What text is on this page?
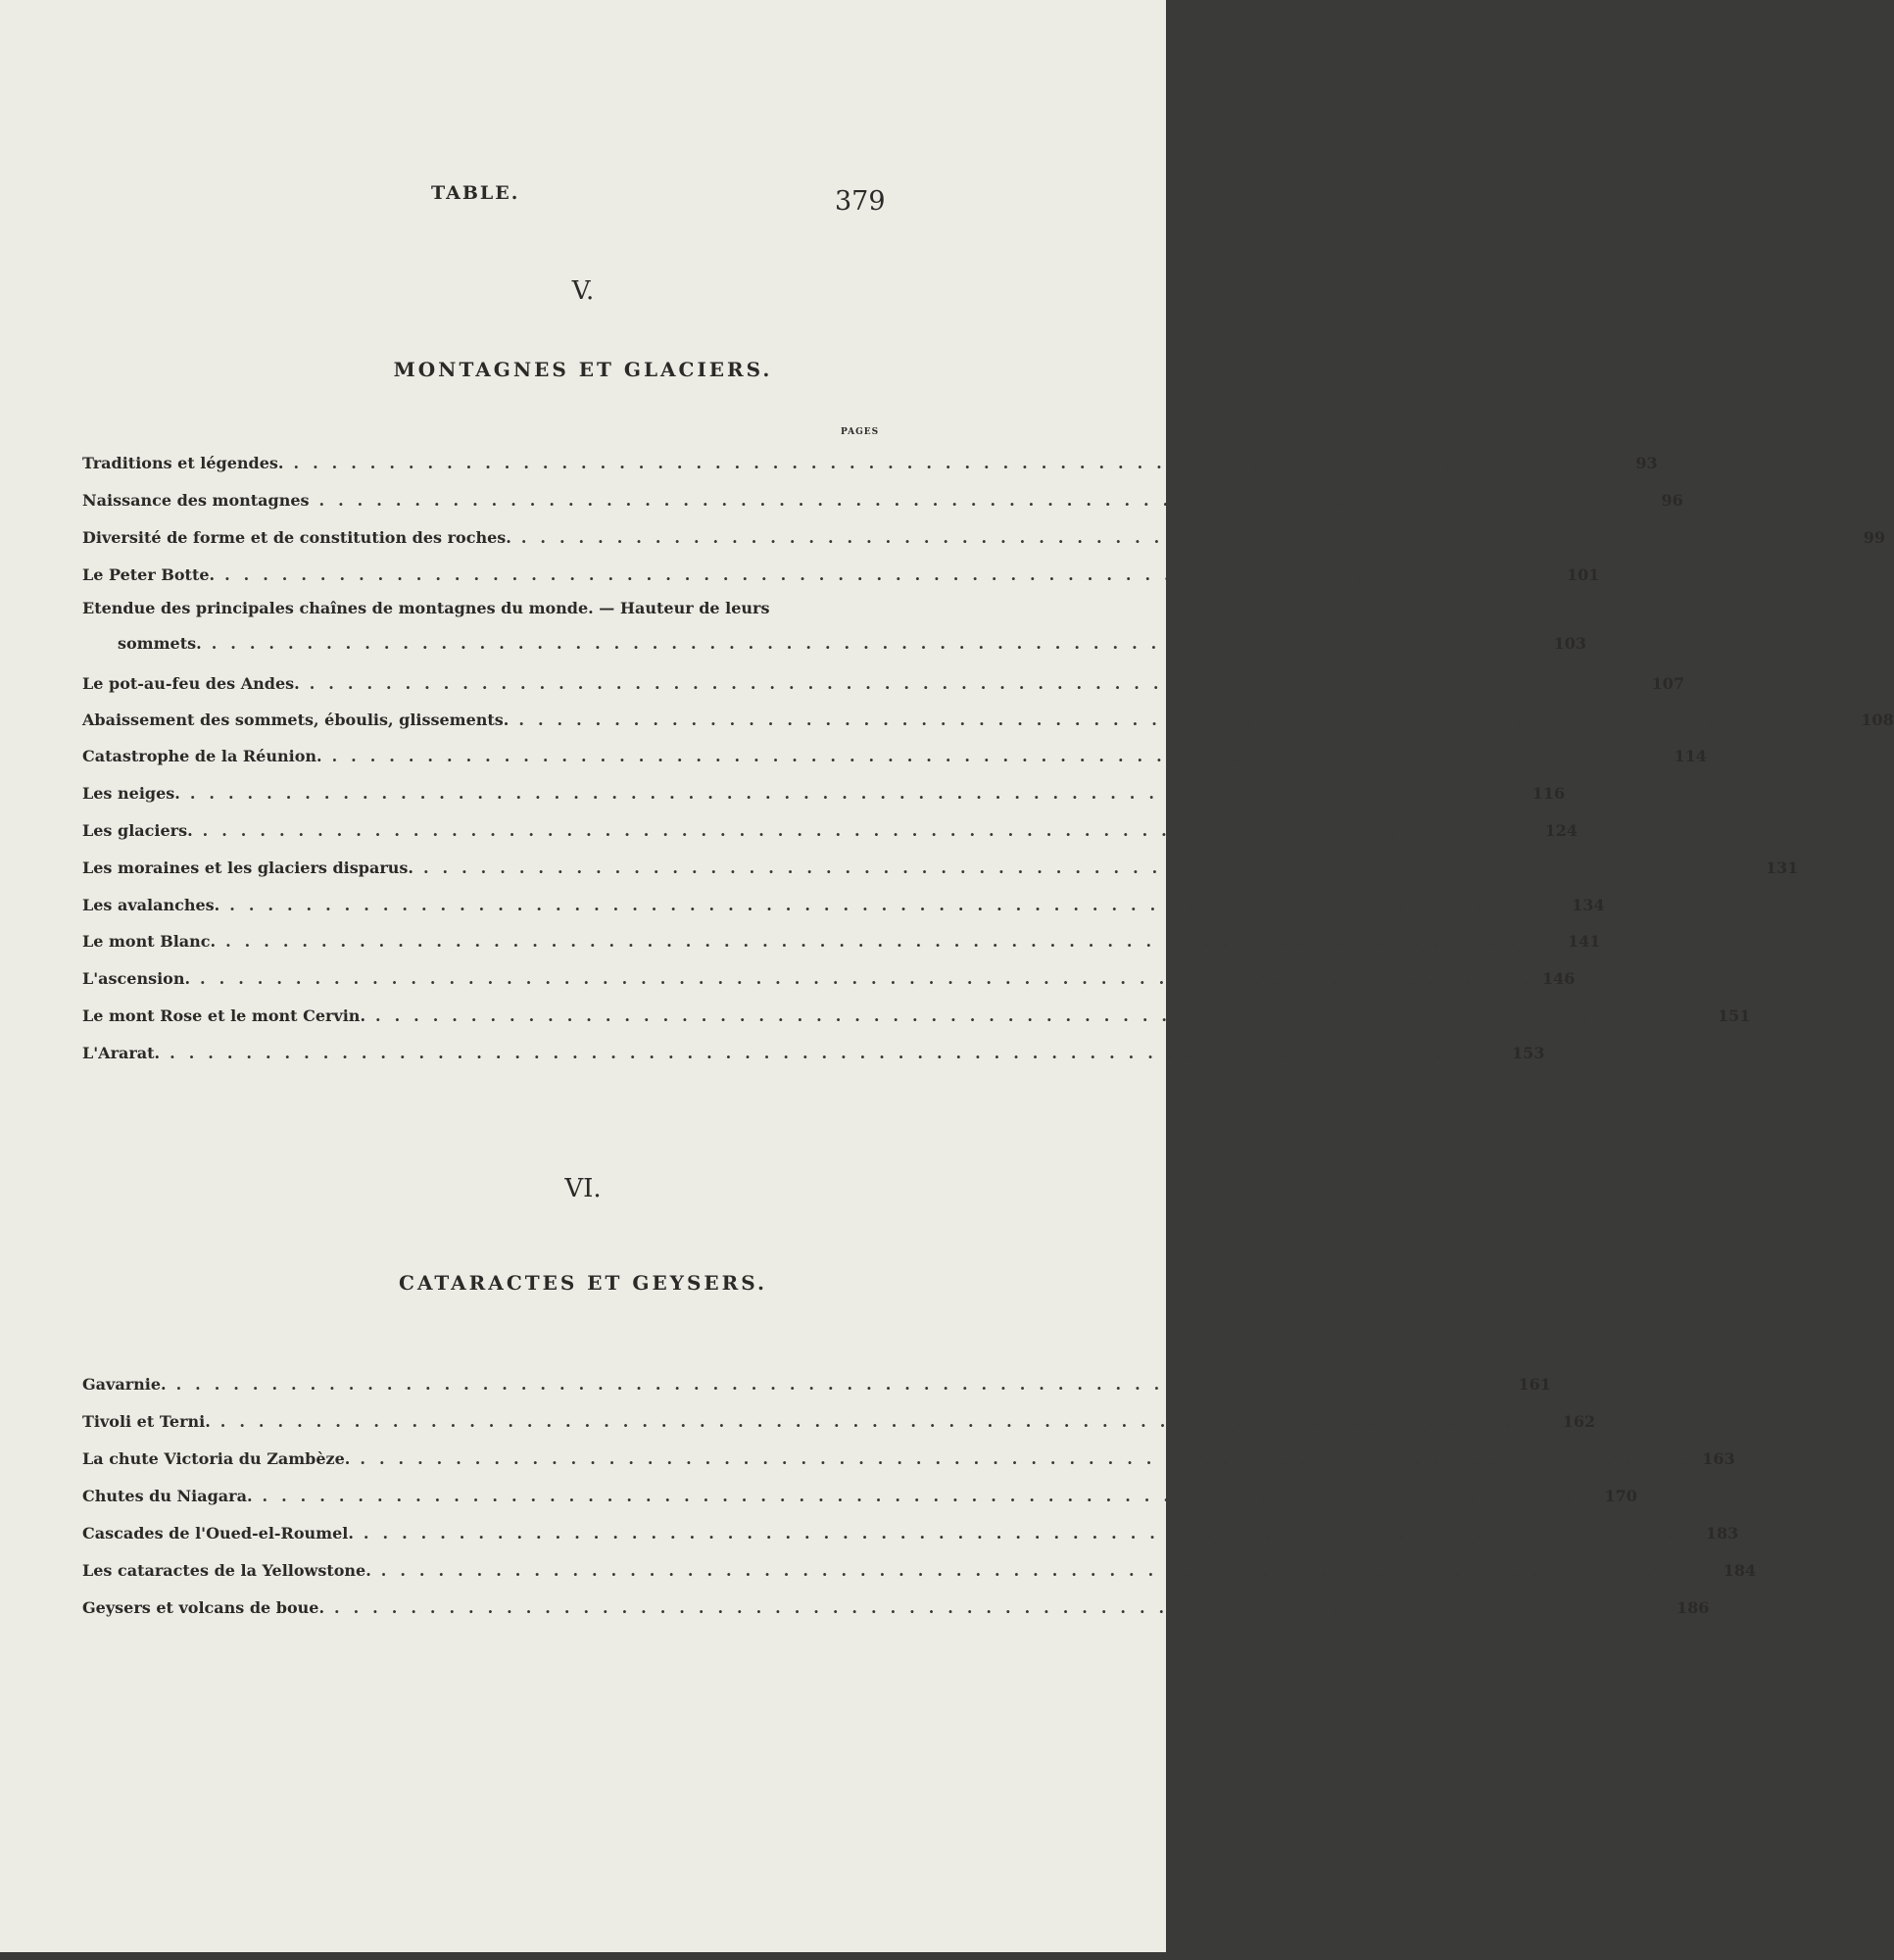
TABLE.	379
V.
MONTAGNES ET GLACIERS.
PAGES
Traditions et légendes. ...................................................................... 93
Naissance des montagnes ...................................................................... 96
Diversité de forme et de constitution des roches. ...................................................................... 99
Le Peter Botte. ...................................................................... 101
Etendue des principales chaînes de montagnes du monde. — Hauteur de leurs
sommets. ...................................................................... 103
Le pot-au-feu des Andes. ...................................................................... 107
Abaissement des sommets, éboulis, glissements. ...................................................................... 108
Catastrophe de la Réunion. ...................................................................... 114
Les neiges. ...................................................................... 116
Les glaciers. ...................................................................... 124
Les moraines et les glaciers disparus. ...................................................................... 131
Les avalanches. ...................................................................... 134
Le mont Blanc. ...................................................................... 141
L'ascension. ...................................................................... 146
Le mont Rose et le mont Cervin. ...................................................................... 151
L'Ararat. ...................................................................... 153
VI.
CATARACTES ET GEYSERS.
Gavarnie. ...................................................................... 161
Tivoli et Terni. ...................................................................... 162
La chute Victoria du Zambèze. ...................................................................... 163
Chutes du Niagara. ...................................................................... 170
Cascades de l'Oued-el-Roumel. ...................................................................... 183
Les cataractes de la Yellowstone. ...................................................................... 184
Geysers et volcans de boue. ...................................................................... 186
